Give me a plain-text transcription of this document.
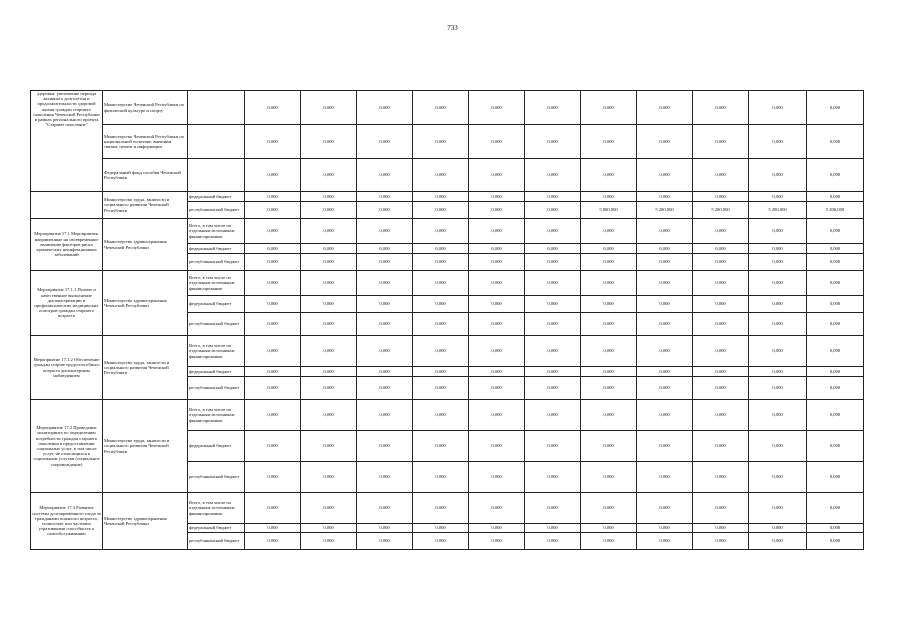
733
здоровья: увеличение периода активного долголетия и продолжительности здоровой жизни граждан старшего поколения Чеченской Республики в рамках регионального проекта "Старшее поколение"	Министерство Чеченской Республики по физической культуре и спорту		0,000	0,000	0,000	0,000	0,000	0,000	0,000	0,000	0,000	0,000	0,000
	Министерство Чеченской Республики по национальной политике, внешним связям, печати и информации		0,000	0,000	0,000	0,000	0,000	0,000	0,000	0,000	0,000	0,000	0,000
	Федеральный фонд пособия Чеченской Республики		0,000	0,000	0,000	0,000	0,000	0,000	0,000	0,000	0,000	0,000	0,000
	Министерство труда, занятости и социального развития Чеченской Республики	федеральный бюджет	0,000	0,000	0,000	0,000	0,000	0,000	0,000	0,000	0,000	0,000	0,000
		республиканский бюджет	0,000	0,000	0,000	0,000	0,000	0,000	5 000,000	5 200,000	5 200,000	5 200,000	5 200,000
Мероприятие 17.1 Мероприятия, направленные на своевременное выявление факторов риска хронических неинфекционных заболеваний	Министерство здравоохранения Чеченской Республики	Всего, в том числе по отдельным источникам финансирования:	0,000	0,000	0,000	0,000	0,000	0,000	0,000	0,000	0,000	0,000	0,000
		федеральный бюджет	0,000	0,000	0,000	0,000	0,000	0,000	0,000	0,000	0,000	0,000	0,000
		республиканский бюджет	0,000	0,000	0,000	0,000	0,000	0,000	0,000	0,000	0,000	0,000	0,000
Мероприятие 17.1.1 Полное и качественное выполнение диспансеризации и профилактических медицинских осмотров граждан старшего возраста	Министерство здравоохранения Чеченской Республики	Всего, в том числе по отдельным источникам финансирования:	0,000	0,000	0,000	0,000	0,000	0,000	0,000	0,000	0,000	0,000	0,000
		федеральный бюджет	0,000	0,000	0,000	0,000	0,000	0,000	0,000	0,000	0,000	0,000	0,000
		республиканский бюджет	0,000	0,000	0,000	0,000	0,000	0,000	0,000	0,000	0,000	0,000	0,000
Мероприятие 17.1.2 Обеспечение граждан старше трудоспособного возраста диспансерным наблюдением	Министерство труда, занятости и социального развития Чеченской Республики	Всего, в том числе по отдельным источникам финансирования:	0,000	0,000	0,000	0,000	0,000	0,000	0,000	0,000	0,000	0,000	0,000
		федеральный бюджет	0,000	0,000	0,000	0,000	0,000	0,000	0,000	0,000	0,000	0,000	0,000
		республиканский бюджет	0,000	0,000	0,000	0,000	0,000	0,000	0,000	0,000	0,000	0,000	0,000
Мероприятие 17.2 Проведение мониторинга по определению потребности граждан старшего поколения в предоставлении социальных услуг, в том числе услуг, не относящихся к социальным услугам (социальное сопровождение)	Министерство труда, занятости и социального развития Чеченской Республики	Всего, в том числе по отдельным источникам финансирования:	0,000	0,000	0,000	0,000	0,000	0,000	0,000	0,000	0,000	0,000	0,000
		федеральный бюджет	0,000	0,000	0,000	0,000	0,000	0,000	0,000	0,000	0,000	0,000	0,000
		республиканский бюджет	0,000	0,000	0,000	0,000	0,000	0,000	0,000	0,000	0,000	0,000	0,000
Мероприятие 17.3 Развитие системы долговременного ухода за гражданами пожилого возраста, полностью или частично утратившими способность к самообслуживанию	Министерство здравоохранения Чеченской Республики	Всего, в том числе по отдельным источникам финансирования:	0,000	0,000	0,000	0,000	0,000	0,000	0,000	0,000	0,000	0,000	0,000
		федеральный бюджет	0,000	0,000	0,000	0,000	0,000	0,000	0,000	0,000	0,000	0,000	0,000
		республиканский бюджет	0,000	0,000	0,000	0,000	0,000	0,000	0,000	0,000	0,000	0,000	0,000
